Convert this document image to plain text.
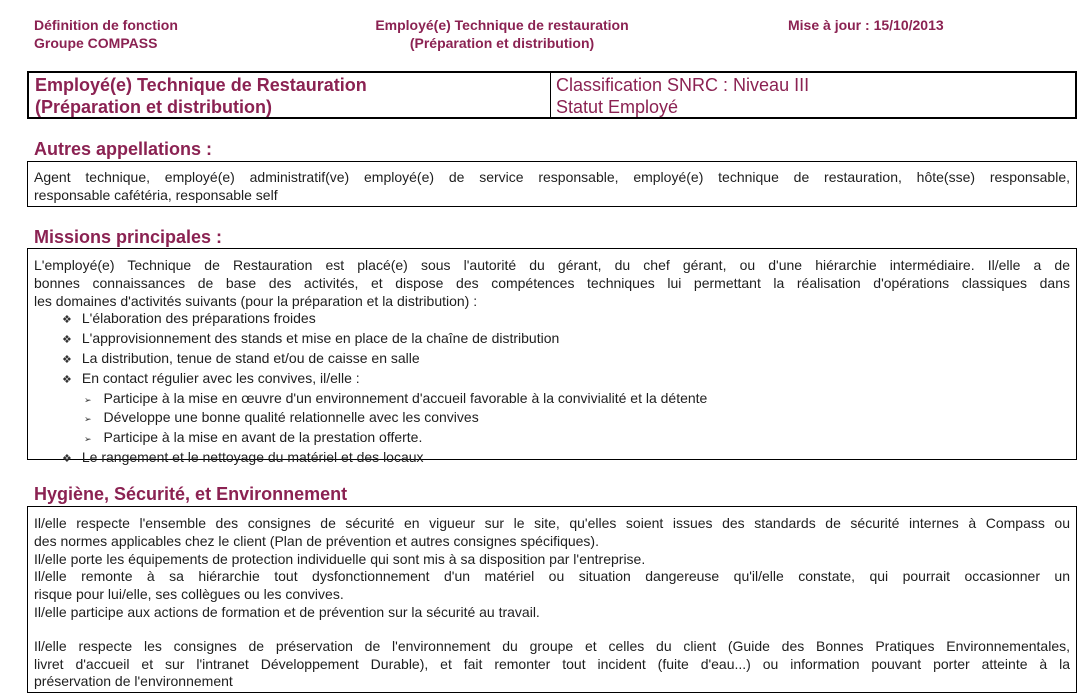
Définition de fonction
Groupe COMPASS
Employé(e) Technique de restauration
(Préparation et distribution)
Mise à jour : 15/10/2013
Employé(e) Technique de Restauration
(Préparation et distribution)
Classification SNRC : Niveau III
Statut Employé
Autres appellations :
Agent technique, employé(e) administratif(ve) employé(e) de service responsable, employé(e) technique de restauration, hôte(sse) responsable,
responsable cafétéria, responsable self
Missions principales :
L'employé(e) Technique de Restauration est placé(e) sous l'autorité du gérant, du chef gérant, ou d'une hiérarchie intermédiaire. Il/elle a de
bonnes connaissances de base des activités, et dispose des compétences techniques lui permettant la réalisation d'opérations classiques dans
les domaines d'activités suivants (pour la préparation et la distribution) :
❖ L'élaboration des préparations froides
❖ L'approvisionnement des stands et mise en place de la chaîne de distribution
❖ La distribution, tenue de stand et/ou de caisse en salle
❖ En contact régulier avec les convives, il/elle :
➢ Participe à la mise en œuvre d'un environnement d'accueil favorable à la convivialité et la détente
➢ Développe une bonne qualité relationnelle avec les convives
➢ Participe à la mise en avant de la prestation offerte.
❖ Le rangement et le nettoyage du matériel et des locaux
Hygiène, Sécurité, et Environnement
Il/elle respecte l'ensemble des consignes de sécurité en vigueur sur le site, qu'elles soient issues des standards de sécurité internes à Compass ou
des normes applicables chez le client (Plan de prévention et autres consignes spécifiques).
Il/elle porte les équipements de protection individuelle qui sont mis à sa disposition par l'entreprise.
Il/elle remonte à sa hiérarchie tout dysfonctionnement d'un matériel ou situation dangereuse qu'il/elle constate, qui pourrait occasionner un
risque pour lui/elle, ses collègues ou les convives.
Il/elle participe aux actions de formation et de prévention sur la sécurité au travail.
Il/elle respecte les consignes de préservation de l'environnement du groupe et celles du client (Guide des Bonnes Pratiques Environnementales,
livret d'accueil et sur l'intranet Développement Durable), et fait remonter tout incident (fuite d'eau...) ou information pouvant porter atteinte à la
préservation de l'environnement
